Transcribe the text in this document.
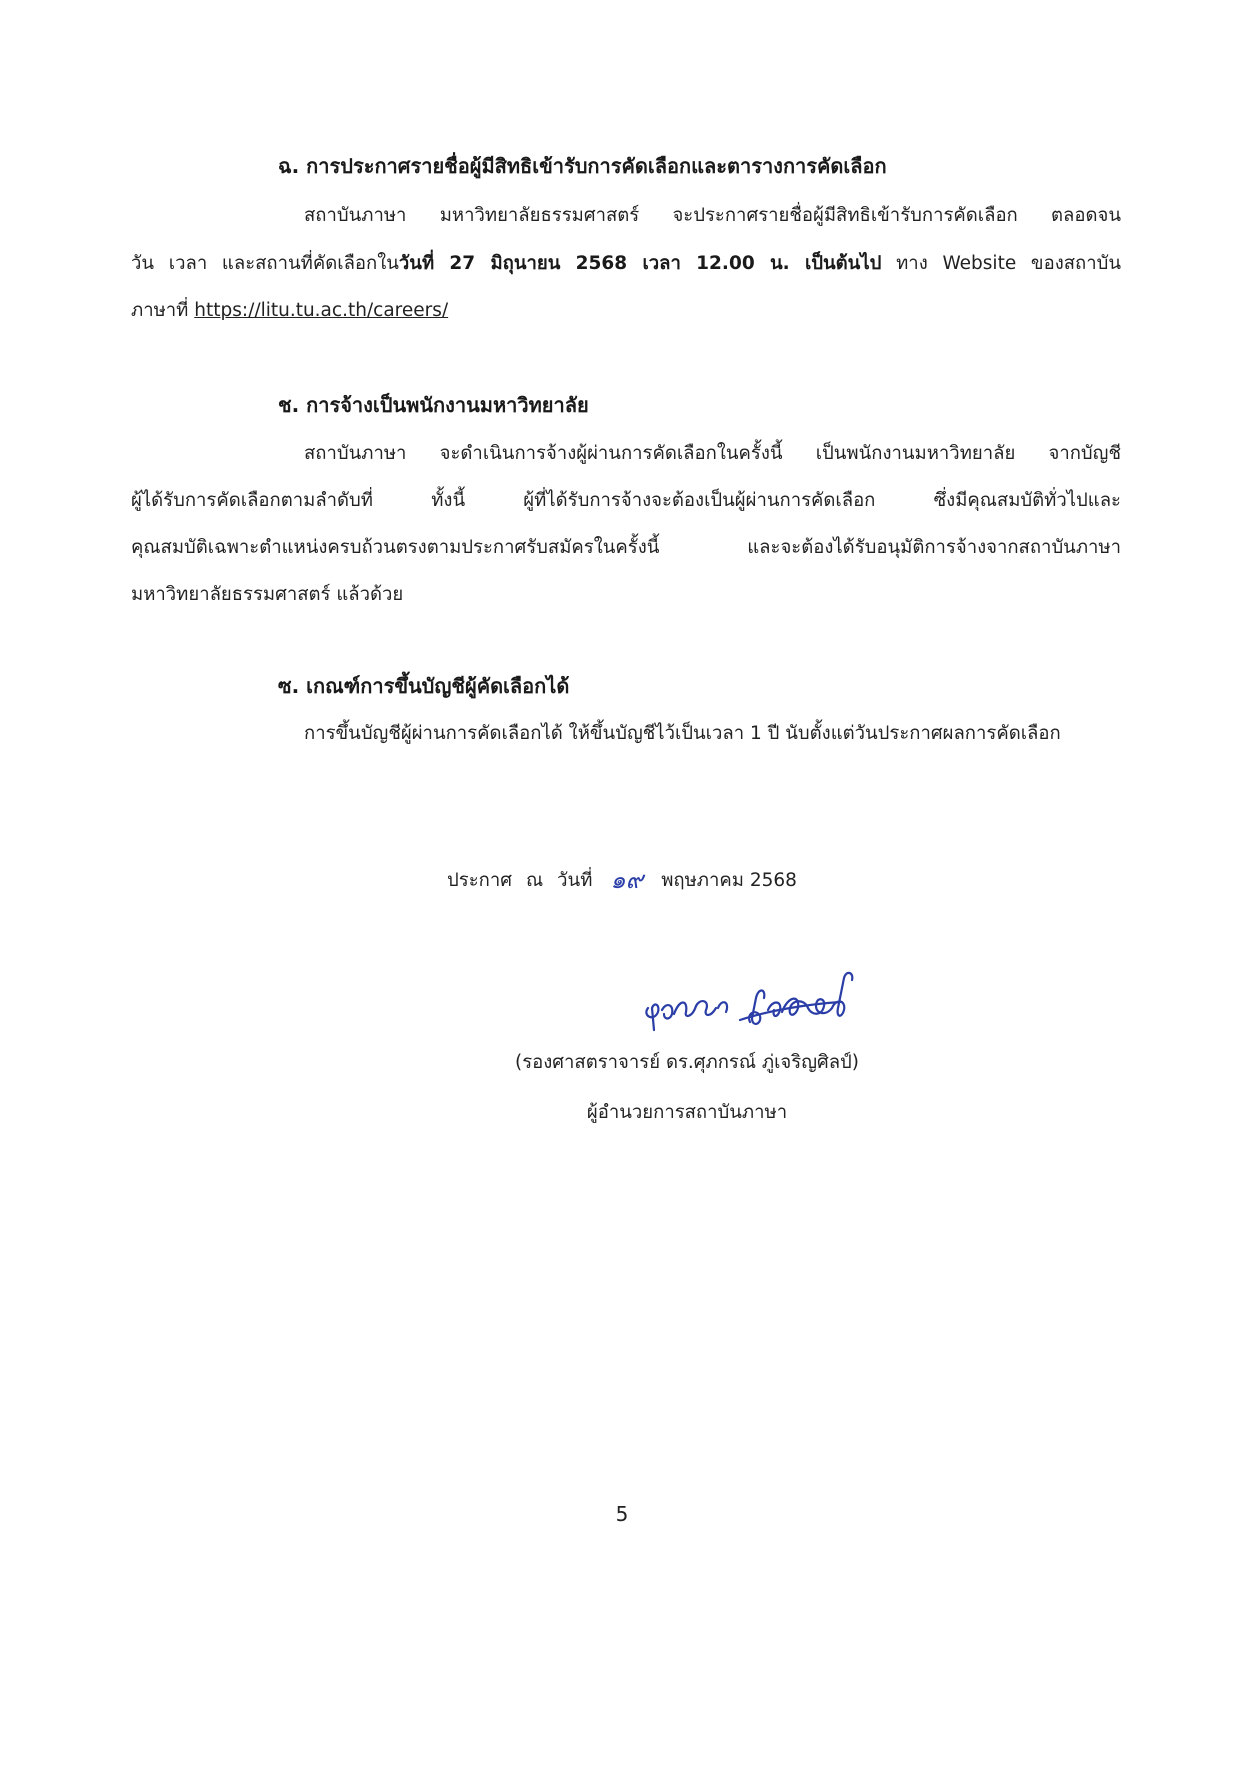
ฉ. การประกาศรายชื่อผู้มีสิทธิเข้ารับการคัดเลือกและตารางการคัดเลือก
สถาบันภาษา มหาวิทยาลัยธรรมศาสตร์ จะประกาศรายชื่อผู้มีสิทธิเข้ารับการคัดเลือก ตลอดจน
วัน เวลา และสถานที่คัดเลือกในวันที่ 27 มิถุนายน 2568 เวลา 12.00 น. เป็นต้นไป ทาง Website ของสถาบัน
ภาษาที่ https://litu.tu.ac.th/careers/
ช. การจ้างเป็นพนักงานมหาวิทยาลัย
สถาบันภาษา จะดำเนินการจ้างผู้ผ่านการคัดเลือกในครั้งนี้ เป็นพนักงานมหาวิทยาลัย จากบัญชี
ผู้ได้รับการคัดเลือกตามลำดับที่ ทั้งนี้ ผู้ที่ได้รับการจ้างจะต้องเป็นผู้ผ่านการคัดเลือก ซึ่งมีคุณสมบัติทั่วไปและ
คุณสมบัติเฉพาะตำแหน่งครบถ้วนตรงตามประกาศรับสมัครในครั้งนี้ และจะต้องได้รับอนุมัติการจ้างจากสถาบันภาษา
มหาวิทยาลัยธรรมศาสตร์ แล้วด้วย
ซ. เกณฑ์การขึ้นบัญชีผู้คัดเลือกได้
การขึ้นบัญชีผู้ผ่านการคัดเลือกได้ ให้ขึ้นบัญชีไว้เป็นเวลา 1 ปี นับตั้งแต่วันประกาศผลการคัดเลือก
ประกาศ ณ วันที่ ๑๙ พฤษภาคม 2568
(รองศาสตราจารย์ ดร.ศุภกรณ์ ภู่เจริญศิลป์)
ผู้อำนวยการสถาบันภาษา
5
